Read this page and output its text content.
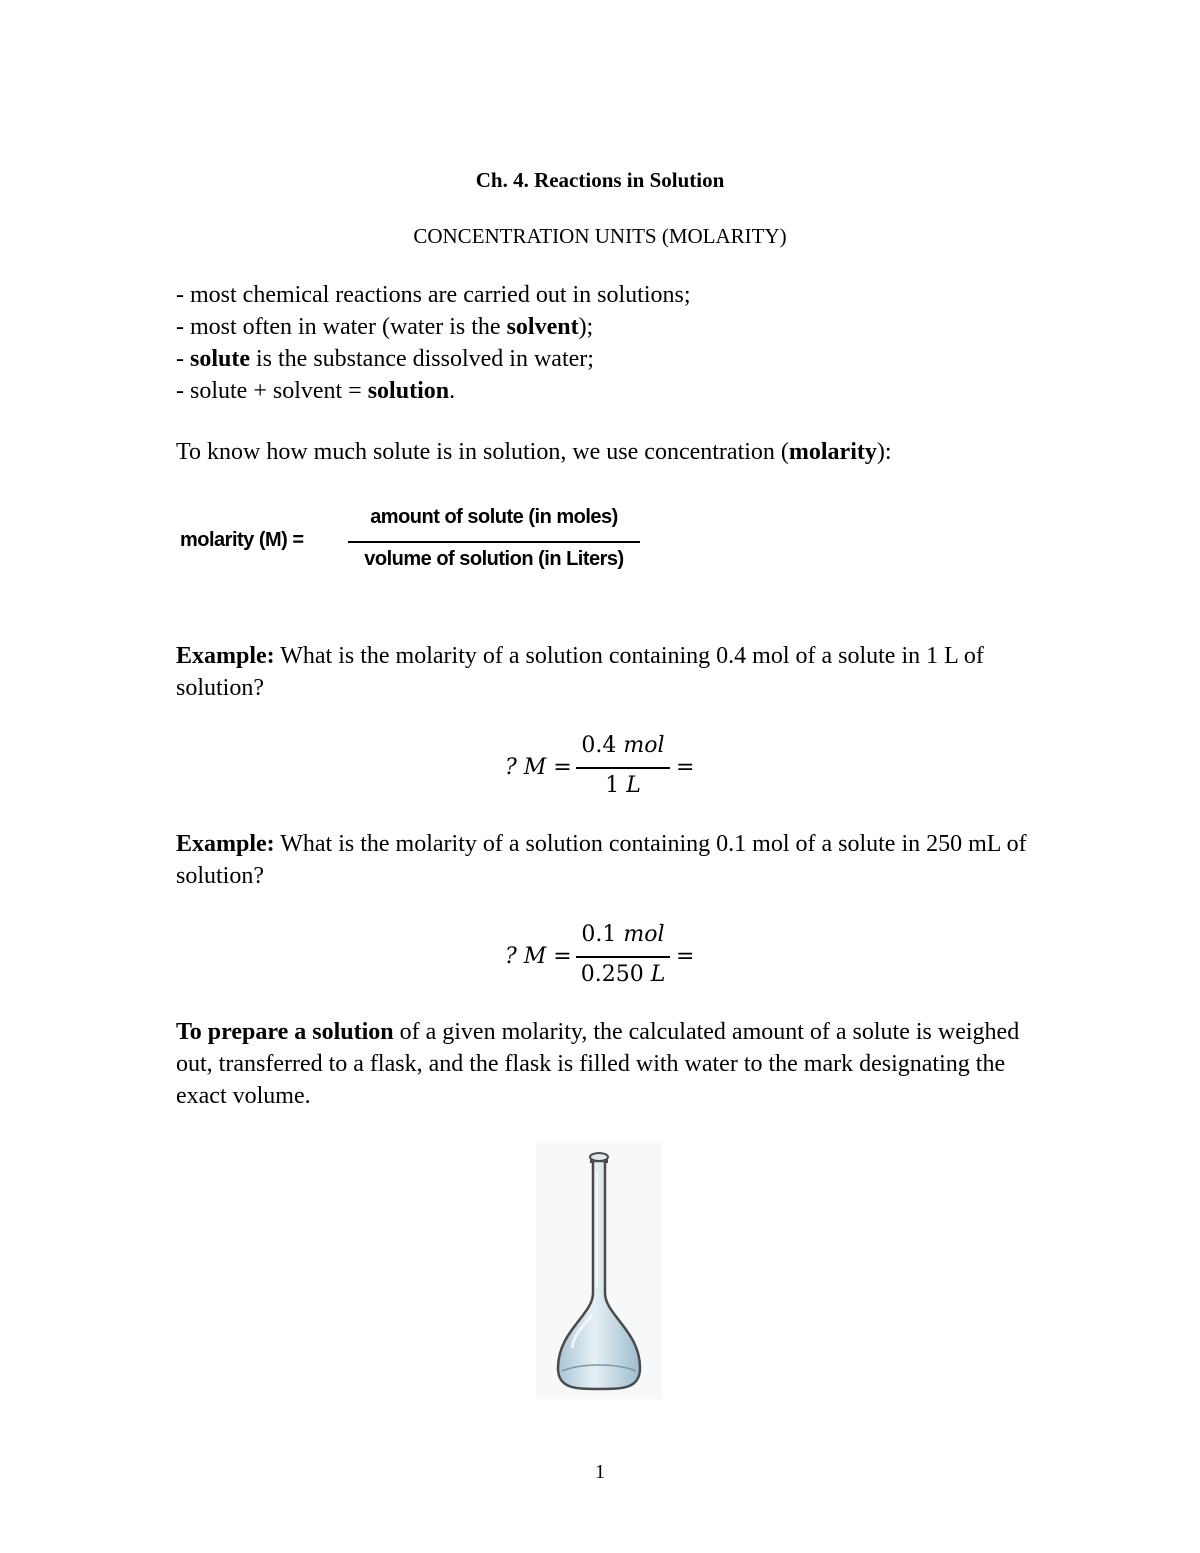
Ch. 4. Reactions in Solution
CONCENTRATION UNITS (MOLARITY)
- most chemical reactions are carried out in solutions;
- most often in water (water is the solvent);
- solute is the substance dissolved in water;
- solute + solvent = solution.
To know how much solute is in solution, we use concentration (molarity):
molarity (M) =
amount of solute (in moles)
volume of solution (in Liters)
Example: What is the molarity of a solution containing 0.4 mol of a solute in 1 L of solution?
? M =
0.4 mol
1 L
=
Example: What is the molarity of a solution containing 0.1 mol of a solute in 250 mL of solution?
? M =
0.1 mol
0.250 L
=
To prepare a solution of a given molarity, the calculated amount of a solute is weighed out, transferred to a flask, and the flask is filled with water to the mark designating the exact volume.
1
